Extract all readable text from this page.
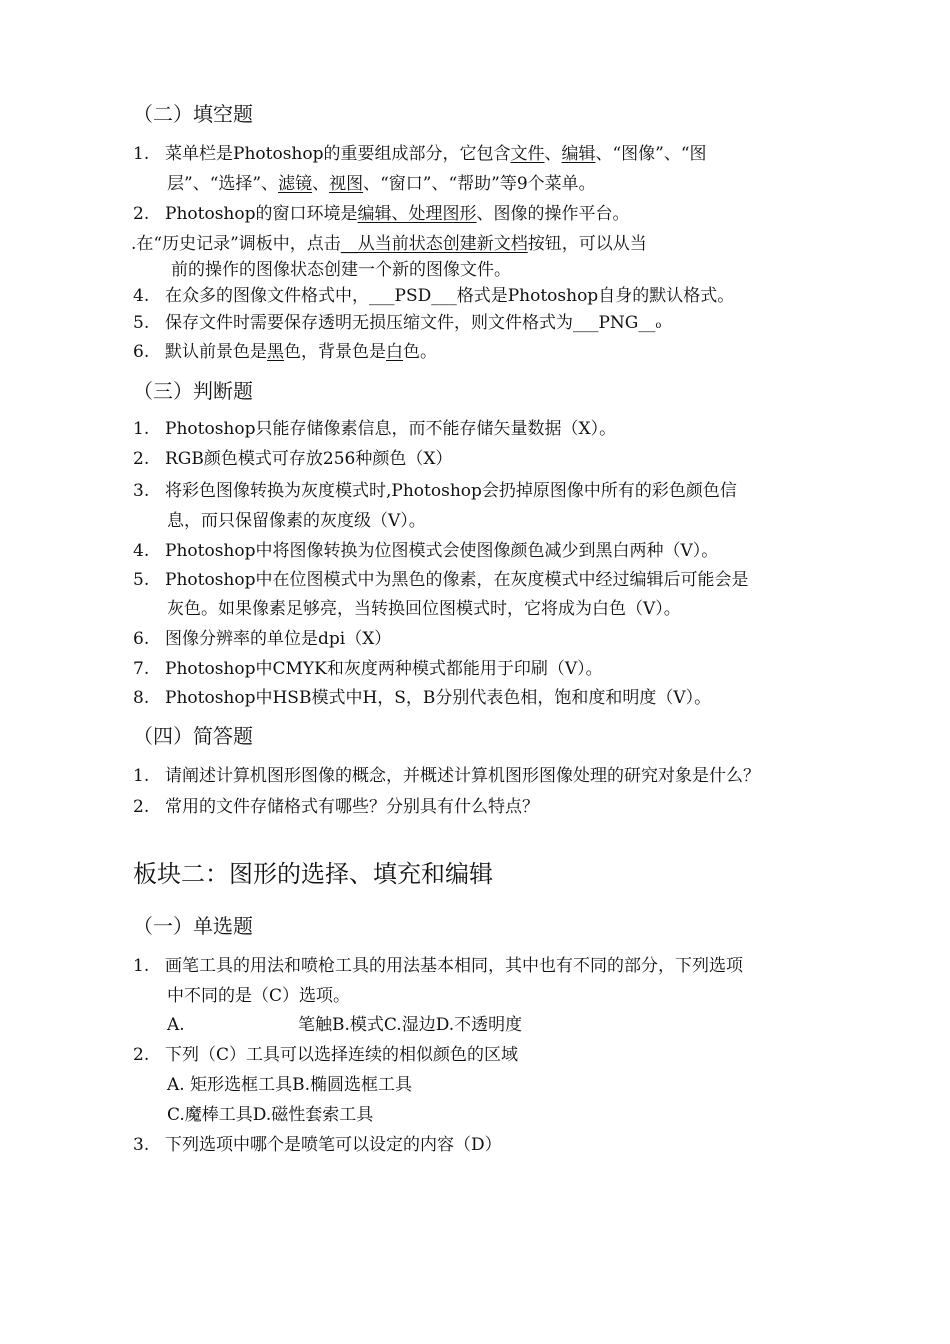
（二）填空题
1. 菜单栏是Photoshop的重要组成部分，它包含文件、编辑、“图像”、“图
层”、“选择”、滤镜、视图、“窗口”、“帮助”等9个菜单。
2. Photoshop的窗口环境是编辑、处理图形、图像的操作平台。
.在“历史记录”调板中，点击__从当前状态创建新文档按钮，可以从当
前的操作的图像状态创建一个新的图像文件。
4. 在众多的图像文件格式中，___PSD___格式是Photoshop自身的默认格式。
5. 保存文件时需要保存透明无损压缩文件，则文件格式为___PNG__o
6. 默认前景色是黑色，背景色是白色。
（三）判断题
1. Photoshop只能存储像素信息，而不能存储矢量数据（X）。
2. RGB颜色模式可存放256种颜色（X）
3. 将彩色图像转换为灰度模式时,Photoshop会扔掉原图像中所有的彩色颜色信
息，而只保留像素的灰度级（V）。
4. Photoshop中将图像转换为位图模式会使图像颜色减少到黑白两种（V）。
5. Photoshop中在位图模式中为黑色的像素，在灰度模式中经过编辑后可能会是
灰色。如果像素足够亮，当转换回位图模式时，它将成为白色（V）。
6. 图像分辨率的单位是dpi（X）
7. Photoshop中CMYK和灰度两种模式都能用于印刷（V）。
8. Photoshop中HSB模式中H，S，B分别代表色相，饱和度和明度（V）。
（四）简答题
1. 请阐述计算机图形图像的概念，并概述计算机图形图像处理的研究对象是什么？
2. 常用的文件存储格式有哪些？分别具有什么特点？
板块二：图形的选择、填充和编辑
（一）单选题
1. 画笔工具的用法和喷枪工具的用法基本相同，其中也有不同的部分，下列选项
中不同的是（C）选项。
A.	笔触B.模式C.湿边D.不透明度
2. 下列（C）工具可以选择连续的相似颜色的区域
A. 矩形选框工具B.椭圆选框工具
C.魔棒工具D.磁性套索工具
3. 下列选项中哪个是喷笔可以设定的内容（D）
